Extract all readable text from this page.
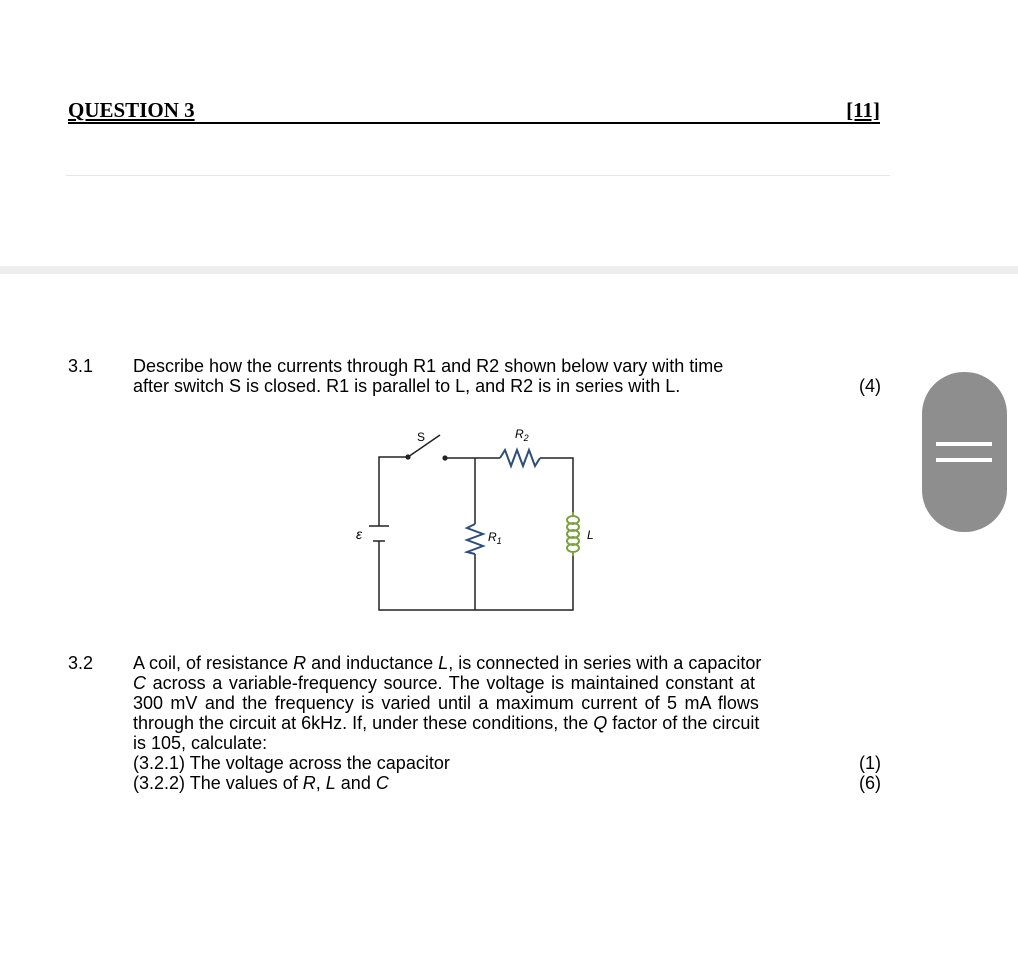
QUESTION 3	[11]
3.1 Describe how the currents through R1 and R2 shown below vary with time
after switch S is closed. R1 is parallel to L, and R2 is in series with L.	(4)
ε
S	$R_2$
$R_1$	L
3.2 A coil, of resistance R and inductance L, is connected in series with a capacitor
C across a variable-frequency source. The voltage is maintained constant at
300 mV and the frequency is varied until a maximum current of 5 mA flows
through the circuit at 6kHz. If, under these conditions, the Q factor of the circuit
is 105, calculate:
(3.2.1) The voltage across the capacitor	(1)
(3.2.2) The values of R, L and C	(6)
